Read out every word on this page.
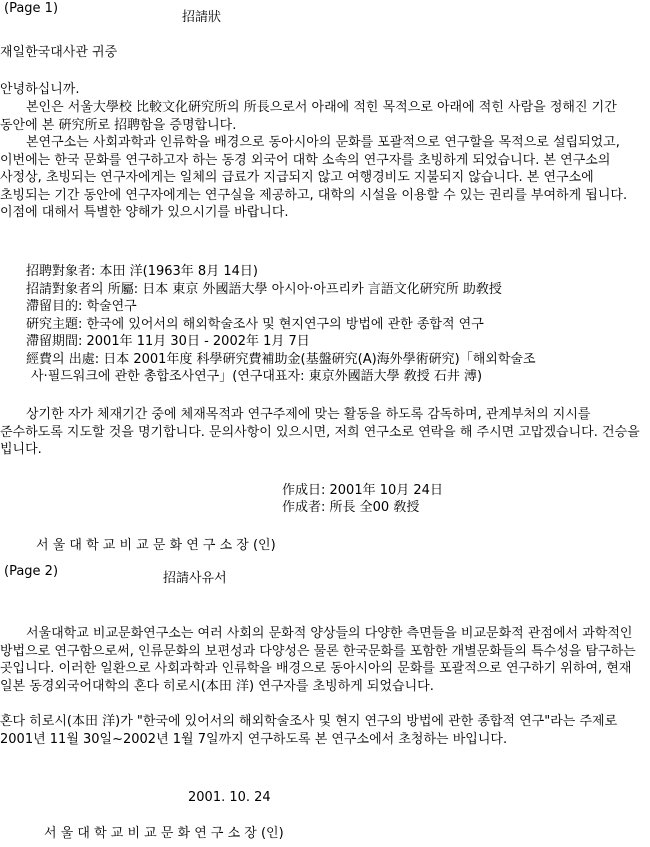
(Page 1)
招請狀
재일한국대사관 귀중
안녕하십니까.
본인은 서울大學校 比較文化硏究所의 所長으로서 아래에 적힌 목적으로 아래에 적힌 사람을 정해진 기간 동안에 본 硏究所로 招聘함을 증명합니다.
본연구소는 사회과학과 인류학을 배경으로 동아시아의 문화를 포괄적으로 연구할을 목적으로 설립되었고, 이번에는 한국 문화를 연구하고자 하는 동경 외국어 대학 소속의 연구자를 초빙하게 되었습니다. 본 연구소의 사정상, 초빙되는 연구자에게는 일체의 급료가 지급되지 않고 여행경비도 지불되지 않습니다. 본 연구소에 초빙되는 기간 동안에 연구자에게는 연구실을 제공하고, 대학의 시설을 이용할 수 있는 권리를 부여하게 됩니다. 이점에 대해서 특별한 양해가 있으시기를 바랍니다.
招聘對象者: 本田 洋(1963年 8月 14日)
招請對象者의 所屬: 日本 東京 外國語大學 아시아·아프리카 言語文化硏究所 助敎授
滯留目的: 학술연구
硏究主題: 한국에 있어서의 해외학술조사 및 현지연구의 방법에 관한 종합적 연구
滯留期間: 2001年 11月 30日 - 2002年 1月 7日
經費의 出處: 日本 2001年度 科學硏究費補助金(基盤硏究(A)海外學術硏究)「해외학술조
사·필드워크에 관한 총합조사연구」(연구대표자: 東京外國語大學 敎授 石井 溥)
상기한 자가 체재기간 중에 체재목적과 연구주제에 맞는 활동을 하도록 감독하며, 관계부처의 지시를 준수하도록 지도할 것을 명기합니다. 문의사항이 있으시면, 저희 연구소로 연락을 해 주시면 고맙겠습니다. 건승을 빕니다.
作成日: 2001年 10月 24日
作成者: 所長 全00 敎授
서 울 대 학 교 비 교 문 화 연 구 소 장 (인)
(Page 2)	招請사유서
서울대학교 비교문화연구소는 여러 사회의 문화적 양상들의 다양한 측면들을 비교문화적 관점에서 과학적인 방법으로 연구함으로써, 인류문화의 보편성과 다양성은 물론 한국문화를 포함한 개별문화들의 특수성을 탐구하는 곳입니다. 이러한 일환으로 사회과학과 인류학을 배경으로 동아시아의 문화를 포괄적으로 연구하기 위하여, 현재 일본 동경외국어대학의 혼다 히로시(本田 洋) 연구자를 초빙하게 되었습니다.
혼다 히로시(本田 洋)가 "한국에 있어서의 해외학술조사 및 현지 연구의 방법에 관한 종합적 연구"라는 주제로 2001년 11월 30일~2002년 1월 7일까지 연구하도록 본 연구소에서 초청하는 바입니다.
2001. 10. 24
서 울 대 학 교 비 교 문 화 연 구 소 장 (인)
